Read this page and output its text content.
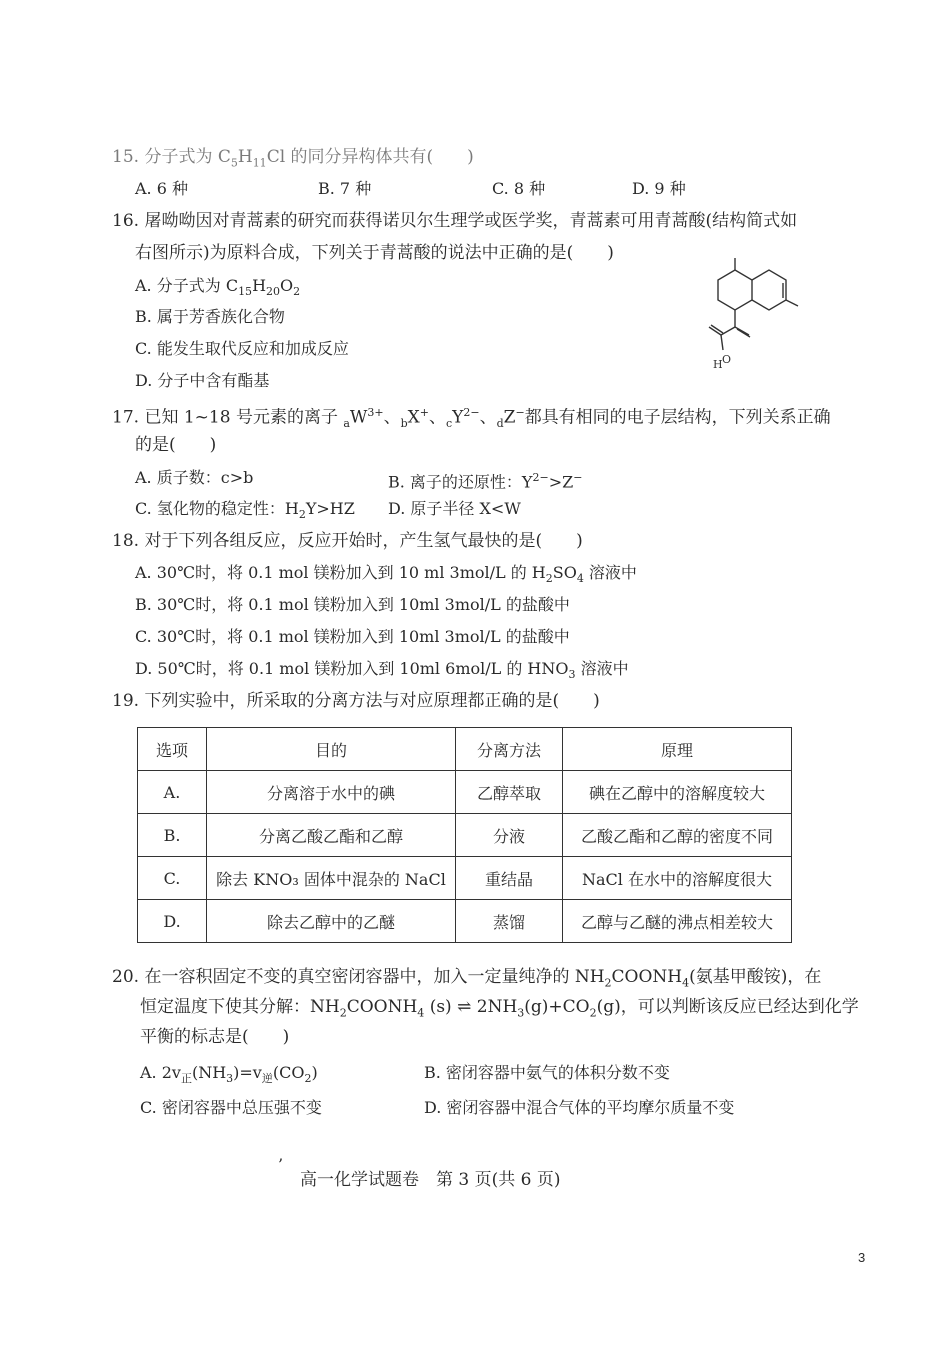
15. 分子式为 $C_5H_{11}Cl$ 的同分异构体共有(　　)
A. 6 种	B. 7 种	C. 8 种	D. 9 种
16. 屠呦呦因对青蒿素的研究而获得诺贝尔生理学或医学奖，青蒿素可用青蒿酸(结构简式如
右图所示)为原料合成，下列关于青蒿酸的说法中正确的是(　　)
A. 分子式为 $C_{15}H_{20}O_2$
B. 属于芳香族化合物
C. 能发生取代反应和加成反应
D. 分子中含有酯基
H O
17. 已知 1~18 号元素的离子 $_aW^{3+}$、$_b$X+、$_cY^{2-}$、$_d$Z−都具有相同的电子层结构，下列关系正确
的是(　　)
A. 质子数：c>b	B. 离子的还原性：$Y^{2-}>Z^-$
C. 氢化物的稳定性：$H_2Y>HZ$ D. 原子半径 X<W
18. 对于下列各组反应，反应开始时，产生氢气最快的是(　　)
A. 30℃时，将 0.1 mol 镁粉加入到 10 ml 3mol/L 的 $H_2SO_4$ 溶液中
B. 30℃时，将 0.1 mol 镁粉加入到 10ml 3mol/L 的盐酸中
C. 30℃时，将 0.1 mol 镁粉加入到 10ml 3mol/L 的盐酸中
D. 50℃时，将 0.1 mol 镁粉加入到 10ml 6mol/L 的 $HNO_3$ 溶液中
19. 下列实验中，所采取的分离方法与对应原理都正确的是(　　)
选项	目的	分离方法	原理
A.	分离溶于水中的碘	乙醇萃取	碘在乙醇中的溶解度较大
B.	分离乙酸乙酯和乙醇	分液	乙酸乙酯和乙醇的密度不同
C.	除去 KNO₃ 固体中混杂的 NaCl	重结晶	NaCl 在水中的溶解度很大
D.	除去乙醇中的乙醚	蒸馏	乙醇与乙醚的沸点相差较大
20. 在一容积固定不变的真空密闭容器中，加入一定量纯净的 $NH_2COONH_4$(氨基甲酸铵)，在
恒定温度下使其分解：$NH_2COONH_4$ (s) ⇌ $2NH_3(g)+CO_2(g)$，可以判断该反应已经达到化学
平衡的标志是(　　)
A. $2v_正(NH_3)=v_逆(CO_2)$	B. 密闭容器中氨气的体积分数不变
C. 密闭容器中总压强不变	D. 密闭容器中混合气体的平均摩尔质量不变
’
高一化学试题卷　第 3 页(共 6 页)
3
